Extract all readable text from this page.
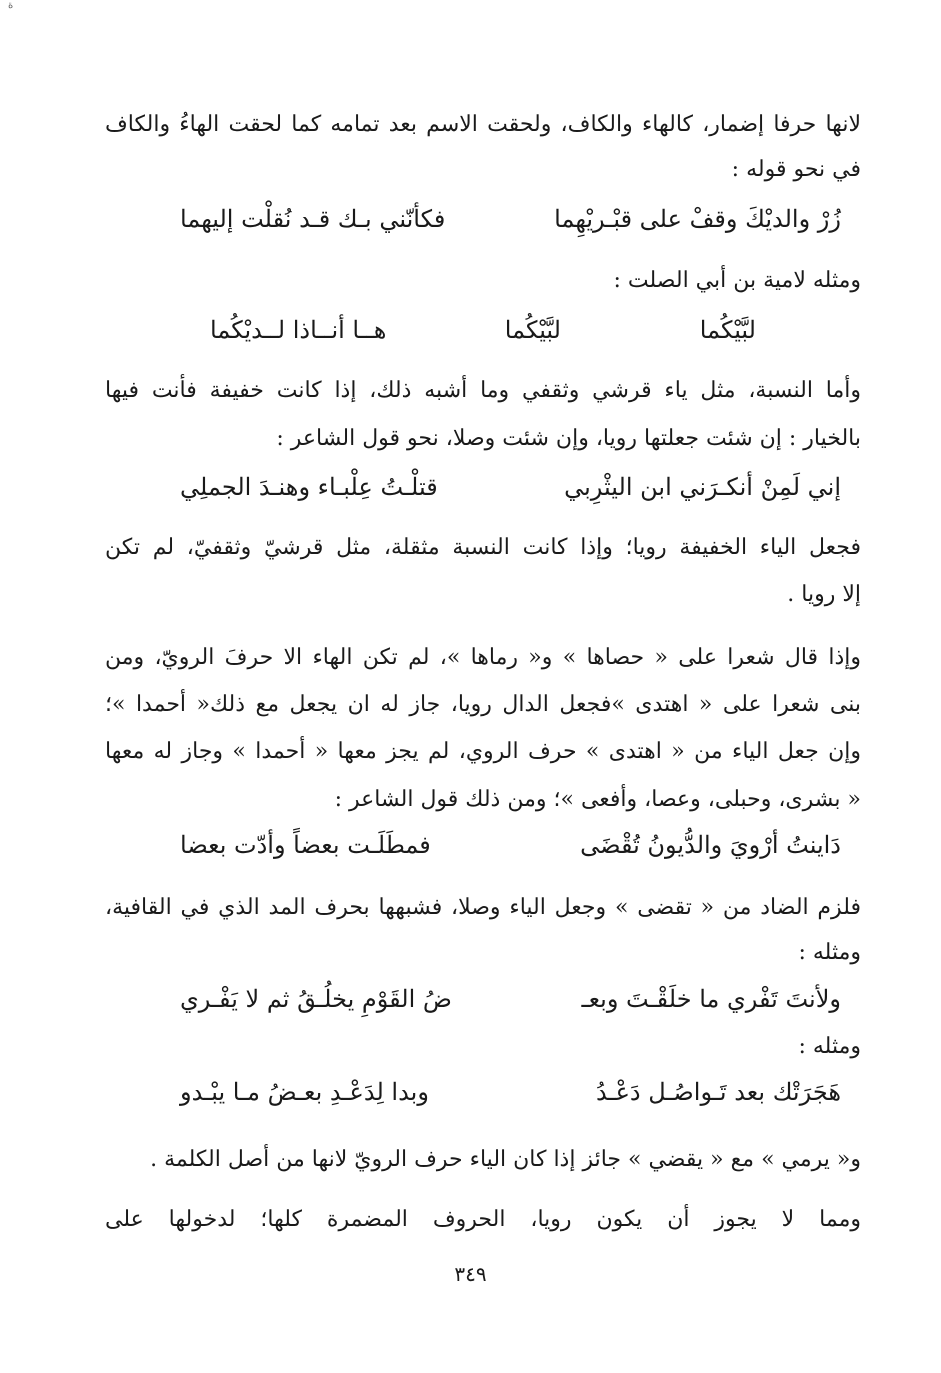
ة
لانها حرفا إضمار، كالهاء والكاف، ولحقت الاسم بعد تمامه كما لحقت الهاءُ والكاف
في نحو قوله :
زُرْ والديْكَ وقفْ على قبْـريْهِما
فكأنّني بـك قـد نُقلْت إليهما
ومثله لامية بن أبي الصلت :
لبَّيْكُما
لبَّيْكُما
هــا أنــاذا لــديْكُما
وأما النسبة، مثل ياء قرشي وثقفي وما أشبه ذلك، إذا كانت خفيفة فأنت فيها
بالخيار : إن شئت جعلتها رويا، وإن شئت وصلا، نحو قول الشاعر :
إني لَمِنْ أنكـرَني ابن اليثْرِبي
قتلْـتُ عِلْبـاء وهنـدَ الجملِي
فجعل الياء الخفيفة رويا؛ وإذا كانت النسبة مثقلة، مثل قرشيّ وثقفيّ، لم تكن
إلا رويا .
وإذا قال شعرا على « حصاها » و« رماها »، لم تكن الهاء الا حرفَ الرويّ، ومن
بنى شعرا على « اهتدى »فجعل الدال رويا، جاز له ان يجعل مع ذلك« أحمدا »؛
وإن جعل الياء من « اهتدى » حرف الروي، لم يجز معها « أحمدا » وجاز له معها
« بشرى، وحبلى، وعصا، وأفعى »؛ ومن ذلك قول الشاعر :
دَاينتُ أرْويَ والدُّيونُ تُقْضَى
فمطَلَـت بعضاً وأدّت بعضا
فلزم الضاد من « تقضى » وجعل الياء وصلا، فشبهها بحرف المد الذي في القافية،
ومثله :
ولأنتَ تَفْري ما خلَقْـتَ وبعـ
ضُ القَوْمِ يخلُـقُ ثم لا يَفْـري
ومثله :
هَجَرَتْك بعد تَـواصُـل دَعْـدُ
وبدا لِدَعْـدِ بعـضُ مـا يبْـدو
و« يرمي » مع « يقضي » جائز إذا كان الياء حرف الرويّ لانها من أصل الكلمة .
ومما لا يجوز أن يكون رويا، الحروف المضمرة كلها؛ لدخولها على
٣٤٩
